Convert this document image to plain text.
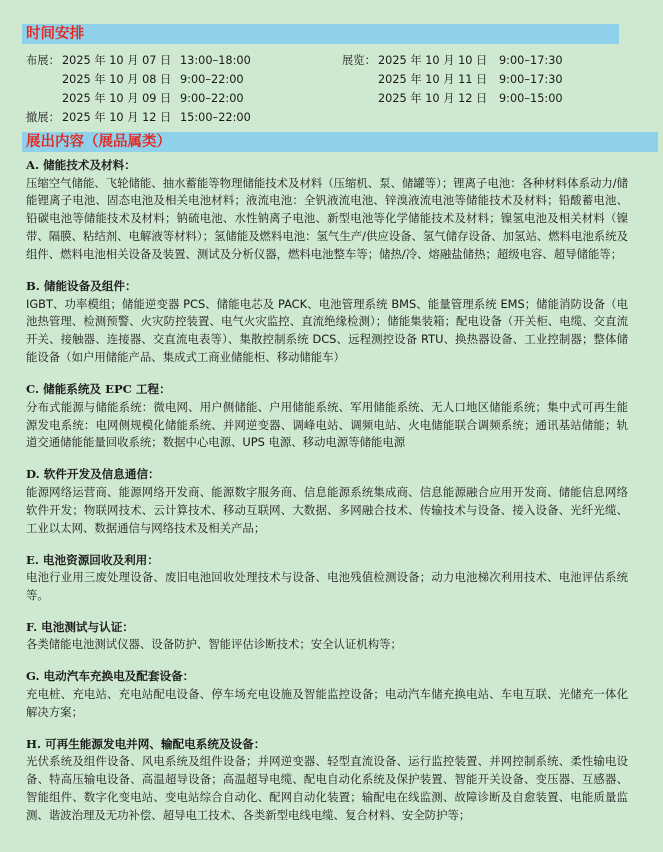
时间安排
布展： 2025 年 10 月 07 日 13:00–18:00
2025 年 10 月 08 日 9:00–22:00
2025 年 10 月 09 日 9:00–22:00
撤展： 2025 年 10 月 12 日 15:00–22:00
展览： 2025 年 10 月 10 日 9:00–17:30
2025 年 10 月 11 日 9:00–17:30
2025 年 10 月 12 日 9:00–15:00
展出内容（展品属类）
A. 储能技术及材料：
压缩空气储能、飞轮储能、抽水蓄能等物理储能技术及材料（压缩机、泵、储罐等）；锂离子电池：各种材料体系动力/储能锂离子电池、固态电池及相关电池材料；液流电池：全钒液流电池、锌溴液流电池等储能技术及材料；铅酸蓄电池、铅碳电池等储能技术及材料；钠硫电池、水性钠离子电池、新型电池等化学储能技术及材料；镍氢电池及相关材料（镍带、隔膜、粘结剂、电解液等材料）；氢储能及燃料电池：氢气生产/供应设备、氢气储存设备、加氢站、燃料电池系统及组件、燃料电池相关设备及装置、测试及分析仪器，燃料电池整车等；储热/冷、熔融盐储热；超级电容、超导储能等；
B. 储能设备及组件：
IGBT、功率模组；储能逆变器 PCS、储能电芯及 PACK、电池管理系统 BMS、能量管理系统 EMS；储能消防设备（电池热管理、检测预警、火灾防控装置、电气火灾监控、直流绝缘检测）；储能集装箱；配电设备（开关柜、电缆、交直流开关、接触器、连接器、交直流电表等）、集散控制系统 DCS、远程测控设备 RTU、换热器设备、工业控制器；整体储能设备（如户用储能产品、集成式工商业储能柜、移动储能车）
C. 储能系统及 EPC 工程：
分布式能源与储能系统：微电网、用户侧储能、户用储能系统、军用储能系统、无人口地区储能系统；集中式可再生能源发电系统：电网侧规模化储能系统、并网逆变器、调峰电站、调频电站、火电储能联合调频系统；通讯基站储能；轨道交通储能能量回收系统；数据中心电源、UPS 电源、移动电源等储能电源
D. 软件开发及信息通信：
能源网络运营商、能源网络开发商、能源数字服务商、信息能源系统集成商、信息能源融合应用开发商、储能信息网络软件开发；物联网技术、云计算技术、移动互联网、大数据、多网融合技术、传输技术与设备、接入设备、光纤光缆、工业以太网、数据通信与网络技术及相关产品；
E. 电池资源回收及利用：
电池行业用三废处理设备、废旧电池回收处理技术与设备、电池残值检测设备；动力电池梯次利用技术、电池评估系统等。
F. 电池测试与认证：
各类储能电池测试仪器、设备防护、智能评估诊断技术；安全认证机构等；
G. 电动汽车充换电及配套设备：
充电桩、充电站、充电站配电设备、停车场充电设施及智能监控设备；电动汽车储充换电站、车电互联、光储充一体化解决方案；
H. 可再生能源发电并网、输配电系统及设备：
光伏系统及组件设备、风电系统及组件设备；并网逆变器、轻型直流设备、运行监控装置、并网控制系统、柔性输电设备、特高压输电设备、高温超导设备；高温超导电缆、配电自动化系统及保护装置、智能开关设备、变压器、互感器、智能组件、数字化变电站、变电站综合自动化、配网自动化装置；输配电在线监测、故障诊断及自愈装置、电能质量监测、谐波治理及无功补偿、超导电工技术、各类新型电线电缆、复合材料、安全防护等；
